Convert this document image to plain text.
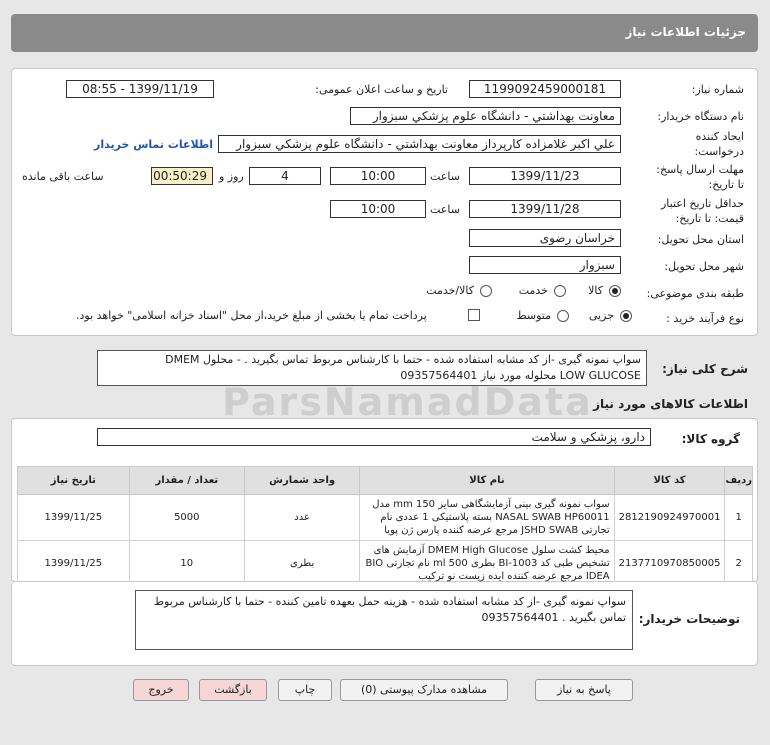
جزئیات اطلاعات نیاز
شماره نیاز:
1199092459000181
تاریخ و ساعت اعلان عمومی:
1399/11/19 - 08:55
نام دستگاه خریدار:
معاونت بهداشتي - دانشگاه علوم پزشکي سبزوار
ایجاد کننده
درخواست:
علي اکبر غلامزاده کارپرداز معاونت بهداشتي - دانشگاه علوم پزشکي سبزوار
اطلاعات تماس خریدار
مهلت ارسال پاسخ:
تا تاریخ:
1399/11/23
ساعت
10:00
4
روز و
00:50:29
ساعت باقی مانده
حداقل تاریخ اعتبار
قیمت: تا تاریخ:
1399/11/28
ساعت
10:00
استان محل تحویل:
خراسان رضوی
شهر محل تحویل:
سبزوار
طبقه بندی موضوعی:
کالا
خدمت
کالا/خدمت
نوع فرآیند خرید :
جزیی
متوسط
پرداخت تمام یا بخشی از مبلغ خرید،از محل "اسناد خزانه اسلامی" خواهد بود.
شرح کلی نیاز:
سواپ نمونه گیری -از کد مشابه استفاده شده - حتما با کارشناس مربوط تماس بگیرید . - محلول DMEM
LOW GLUCOSE محلوله مورد نیاز 09357564401
اطلاعات کالاهای مورد نیاز
گروه کالا:
دارو، پزشکي و سلامت
ردیف	کد کالا	نام کالا	واحد شمارش	تعداد / مقدار	تاریخ نیاز
1	2812190924970001	سواب نمونه گیری بینی آزمایشگاهی سایز 150 mm مدل NASAL SWAB HP60011 بسته پلاستیکی 1 عددی نام تجارتی JSHD SWAB مرجع عرضه کننده پارس ژن پویا	عدد	5000	1399/11/25
2	2137710970850005	محیط کشت سلول DMEM High Glucose آزمایش های تشخیص طبی کد BI-1003 بطری 500 ml نام تجارتی BIO IDEA مرجع عرضه کننده ایده زیست نو ترکیب	بطری	10	1399/11/25
توضیحات خریدار:
سواپ نمونه گیری -از کد مشابه استفاده شده - هزینه حمل بعهده تامین کننده - حتما با کارشناس مربوط تماس بگیرید . 09357564401
پاسخ به نیاز
مشاهده مدارک پیوستی (0)
چاپ
بازگشت
خروج
ParsNamadData
